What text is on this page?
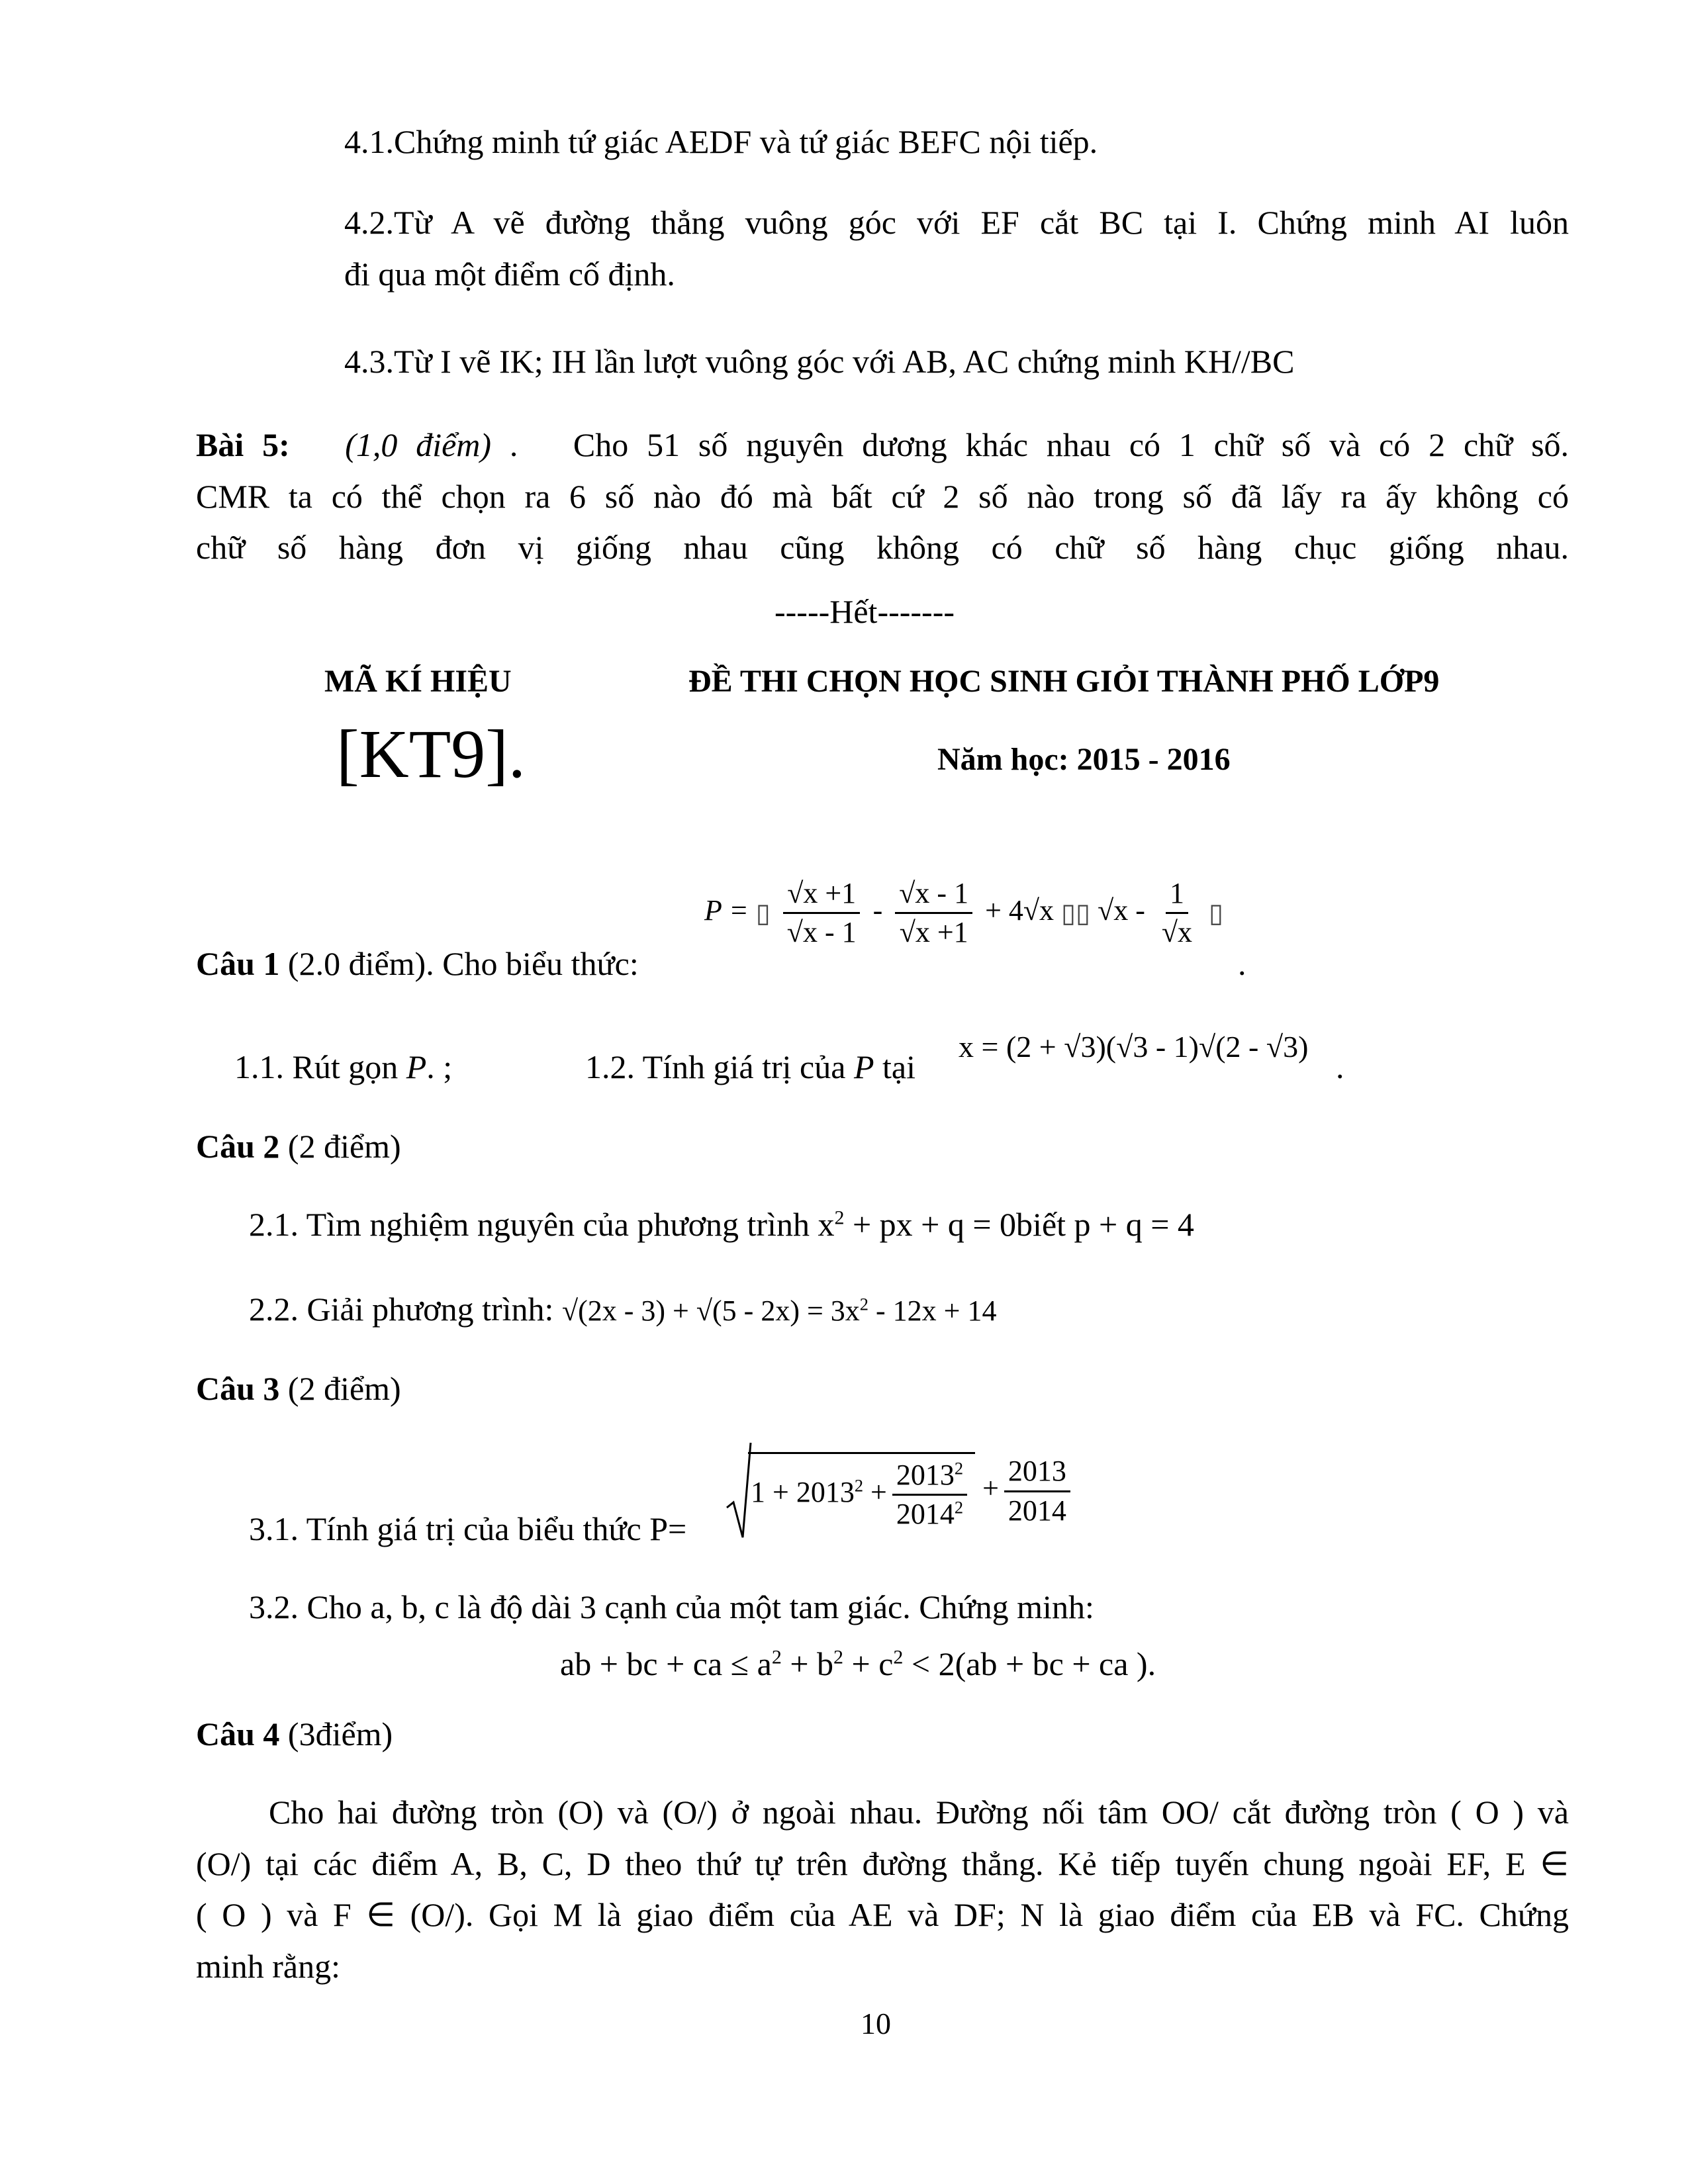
4.1.Chứng minh tứ giác AEDF và tứ giác BEFC nội tiếp.
4.2.Từ A vẽ đường thẳng vuông góc với EF cắt BC tại I. Chứng minh AI luôn
đi qua một điểm cố định.
4.3.Từ I vẽ IK; IH lần lượt vuông góc với AB, AC chứng minh KH//BC
Bài 5: (1,0 điểm) .   Cho 51 số nguyên dương khác nhau có 1 chữ số và có 2 chữ số.
CMR ta có thể chọn ra 6 số nào đó mà bất cứ 2 số nào trong số đã lấy ra ấy không có
chữ số hàng đơn vị giống nhau cũng không có chữ số hàng chục giống nhau.
-----Hết-------
MÃ KÍ HIỆU	ĐỀ THI CHỌN HỌC SINH GIỎI THÀNH PHỐ LỚP9
[KT9].	Năm học: 2015 - 2016
P = ▯ $\frac{√x +1}{√x - 1} - \frac{√x - 1}{√x +1} + 4√x$ ▯▯ $√x - \frac{1}{√x}$ ▯
Câu 1 (2.0 điểm). Cho biểu thức:	.
1.1. Rút gọn P. ;	1.2. Tính giá trị của P tại
x = (2 + √3)(√3 - 1)√(2 - √3)
.
Câu 2 (2 điểm)
2.1. Tìm nghiệm nguyên của phương trình $x^2$ + px + q = 0biết p + q = 4
2.2. Giải phương trình: $√(2x - 3) + √(5 - 2x) = 3x^2 - 12x + 14$
Câu 3 (2 điểm)
3.1. Tính giá trị của biểu thức P=
$1 + 2013^2 + \frac{2013^2}{2014^2} + \frac{2013}{2014}$
3.2. Cho a, b, c là độ dài 3 cạnh của một tam giác. Chứng minh:
ab + bc + ca ≤ $a^2 + b^2 + c^2 < 2(ab$ + bc + ca ).
Câu 4 (3điểm)
Cho hai đường tròn (O) và (O/) ở ngoài nhau. Đường nối tâm OO/ cắt đường tròn ( O ) và
(O/) tại các điểm A, B, C, D theo thứ tự trên đường thẳng. Kẻ tiếp tuyến chung ngoài EF, E ∈
( O ) và F ∈ (O/). Gọi M là giao điểm của AE và DF; N là giao điểm của EB và FC. Chứng
minh rằng:
10
